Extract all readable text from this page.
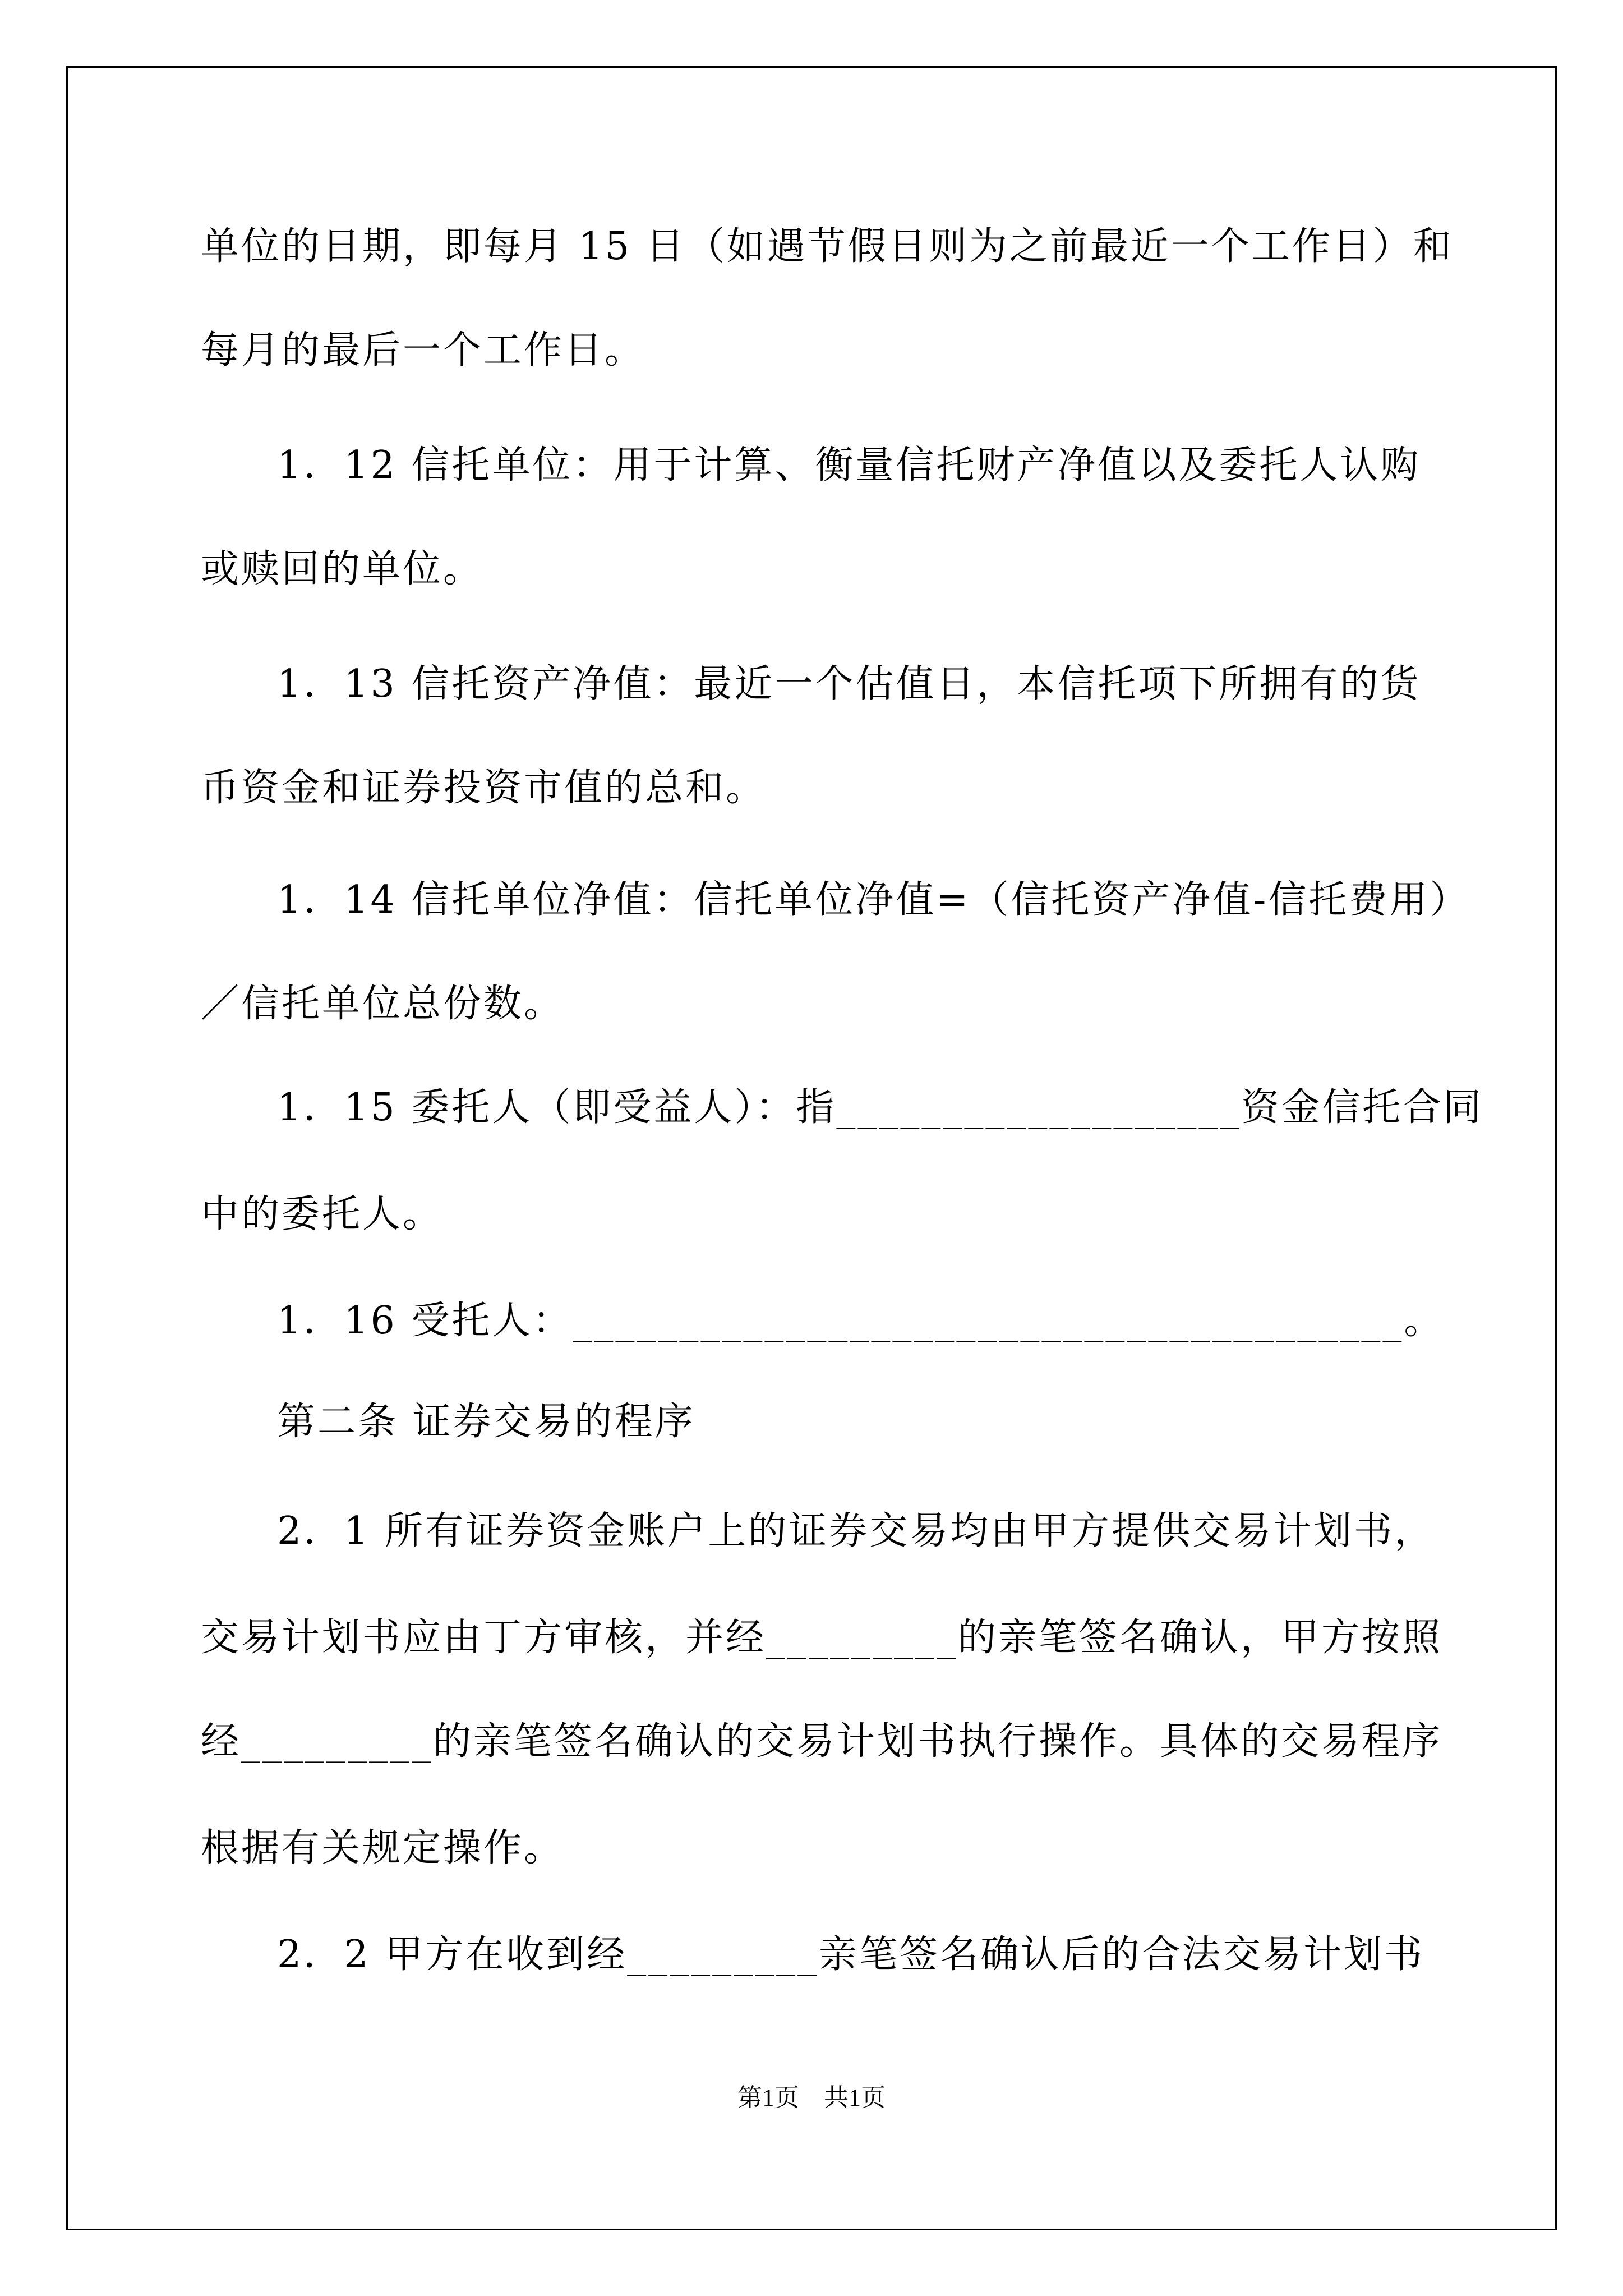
单位的日期，即每月 15 日（如遇节假日则为之前最近一个工作日）和
每月的最后一个工作日。
1．12 信托单位：用于计算、衡量信托财产净值以及委托人认购
或赎回的单位。
1．13 信托资产净值：最近一个估值日，本信托项下所拥有的货
币资金和证券投资市值的总和。
1．14 信托单位净值：信托单位净值=（信托资产净值-信托费用）
／信托单位总份数。
1．15 委托人（即受益人）：指___________________资金信托合同
中的委托人。
1．16 受托人：_______________________________________。
第二条 证券交易的程序
2．1 所有证券资金账户上的证券交易均由甲方提供交易计划书，
交易计划书应由丁方审核，并经_________的亲笔签名确认，甲方按照
经_________的亲笔签名确认的交易计划书执行操作。具体的交易程序
根据有关规定操作。
2．2 甲方在收到经_________亲笔签名确认后的合法交易计划书
第1页　共1页
